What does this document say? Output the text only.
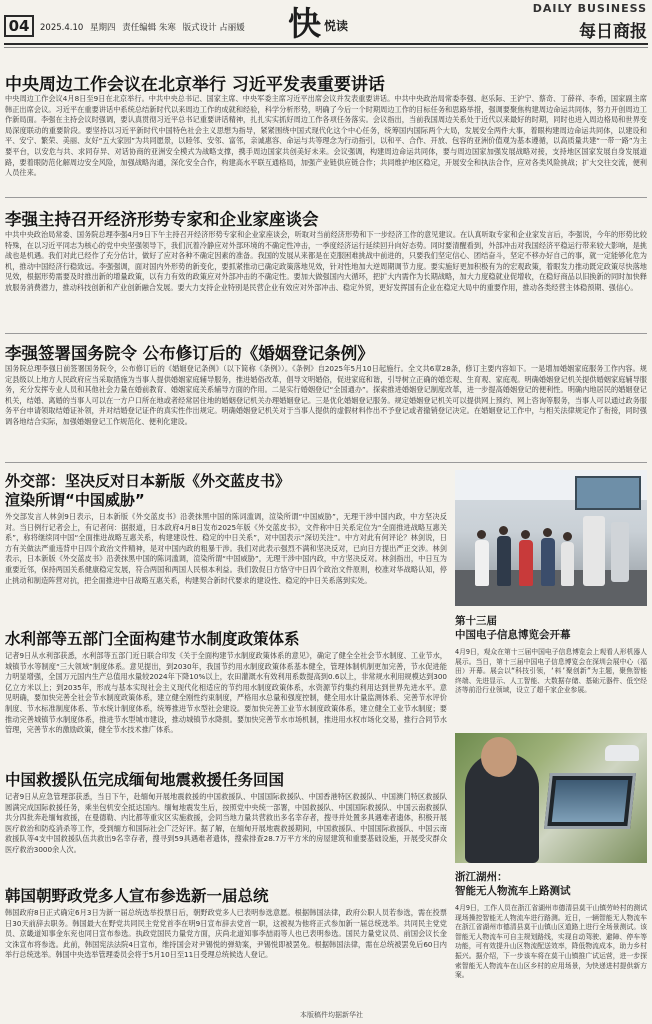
04	2025.4.10 星期四 责任编辑 朱寒 版式设计 占丽媛 快 悦读
DAILY BUSINESS
每日商报
中央周边工作会议在北京举行 习近平发表重要讲话
中央周边工作会议4月8日至9日在北京举行。中共中央总书记、国家主席、中央军委主席习近平出席会议并发表重要讲话。中共中央政治局常委李强、赵乐际、王沪宁、蔡奇、丁薛祥、李希，国家副主席韩正出席会议。习近平在重要讲话中系统总结新时代以来周边工作的成就和经验，科学分析形势，明确了今后一个时期周边工作的目标任务和思路举措，强调要聚焦构建周边命运共同体，努力开创周边工作新局面。李强在主持会议时强调，要认真贯彻习近平总书记重要讲话精神，扎扎实实抓好周边工作各项任务落实。会议指出，当前我国周边关系处于近代以来最好的时期，同时也进入周边格局和世界变局深度联动的重要阶段。要坚持以习近平新时代中国特色社会主义思想为指导，紧紧围绕中国式现代化这个中心任务，统筹国内国际两个大局，发展安全两件大事，着眼构建周边命运共同体，以建设和平、安宁、繁荣、美丽、友好“五大家园”为共同愿景，以睦邻、安邻、富邻，亲诚惠容、命运与共等理念为行动指引，以和平、合作、开放、包容的亚洲价值观为基本遵循，以高质量共建“一带一路”为主要平台，以安危与共、求同存异、对话协商的亚洲安全模式为战略支撑，携手周边国家共创美好未来。会议强调，构建周边命运共同体，要与周边国家加强发展战略对接，支持地区国家发展自身发展道路，要着眼防范化解周边安全风险，加强战略沟通，深化安全合作，构建高水平联互通格局，加强产业链供应链合作；共同维护地区稳定，开展安全和执法合作，应对各类风险挑战；扩大交往交流，便利人员往来。
李强主持召开经济形势专家和企业家座谈会
中共中央政治局常委、国务院总理李强4月9日下午主持召开经济形势专家和企业家座谈会，听取对当前经济形势和下一步经济工作的意见建议。在认真听取专家和企业家发言后，李强说，今年的形势比较特殊，在以习近平同志为核心的党中央坚强领导下，我们沉着冷静应对外部环境的不确定性冲击，一季度经济运行延续回升向好态势。同时要清醒看到，外部冲击对我国经济平稳运行带来较大影响，是挑战也是机遇。我们对此已经作了充分估计，做好了应对各种不确定因素的准备。我国的发展从来都是在克服困难挑战中前进的，只要我们坚定信心、团结奋斗，坚定不移办好自己的事，就一定能够化危为机，推动中国经济行稳致远。李强强调，面对国内外形势的新变化，要抓紧推动已确定政策落地见效，针对性地加大逆周期调节力度。要实施好更加积极有为的宏观政策，着眼发力推动既定政策尽快落地见效，根据形势需要及时推出新的增量政策，以有力有效的政策应对外部冲击的不确定性。要加大做强国内大循环，把扩大内需作为长期战略，加大力度稳就业促增收，在稳好商品以旧换新的同时加快释放服务消费潜力，推动科技创新和产业创新融合发展。要大力支持企业特别是民营企业有效应对外部冲击、稳定外贸，更好发挥国有企业在稳定大局中的重要作用，推动各类经营主体稳预期、强信心。
李强签署国务院令 公布修订后的《婚姻登记条例》
国务院总理李强日前签署国务院令，公布修订后的《婚姻登记条例》（以下简称《条例》）。《条例》自2025年5月10日起施行。全文共6章28条，修订主要内容如下。一是增加婚姻家庭服务工作内容。规定县级以上地方人民政府应当采取措施为当事人提供婚姻家庭辅导服务，推进婚俗改革，倡导文明婚俗，促进家庭和谐，引导树立正确的婚恋观、生育观、家庭观。明确婚姻登记机关提供婚姻家庭辅导服务，充分发挥专业人员和其他社会力量在婚前教育、婚姻家庭关系辅导方面的作用。二是实行婚姻登记“全国通办”。探索推进婚姻登记制度改革，进一步提高婚姻登记的便利性。明确内地居民的婚姻登记机关，结婚、离婚的当事人可以在一方户口所在地或者经常居住地的婚姻登记机关办理婚姻登记。三是优化婚姻登记服务。规定婚姻登记机关可以提供网上预约、网上咨询等服务，当事人可以通过政务服务平台申请领取结婚证补领，并对结婚登记证件的真实性作出规定。明确婚姻登记机关对于当事人提供的虚假材料作出不予登记或者撤销登记决定。在婚姻登记工作中，与相关法律规定作了衔接，同时强调各地结合实际，加强婚姻登记工作规范化、便利化建设。
外交部：坚决反对日本新版《外交蓝皮书》
渲染所谓“中国威胁”
外交部发言人林剑9日表示，日本新版《外交蓝皮书》沿袭抹黑中国的陈词滥调，渲染所谓“中国威胁”，无理干涉中国内政，中方坚决反对。当日例行记者会上，有记者问：据报道，日本政府4月8日发布2025年版《外交蓝皮书》，文件称中日关系定位为“全面推进战略互惠关系”，称将继续同中国“全面推进战略互惠关系，构建建设性、稳定的中日关系”，对中国表示“深切关注”。中方对此有何评论？林剑说，日方有关做法严重违背中日四个政治文件精神，是对中国内政的粗暴干涉。我们对此表示强烈不满和坚决反对，已向日方提出严正交涉。林剑表示，日本新版《外交蓝皮书》沿袭抹黑中国的陈词滥调，渲染所谓“中国威胁”，无理干涉中国内政，中方坚决反对。林剑指出，中日互为重要近邻，保持两国关系健康稳定发展，符合两国和两国人民根本利益。我们敦促日方恪守中日四个政治文件原则，校准对华战略认知，停止挑动和制造阵营对抗，把全面推进中日战略互惠关系，构建契合新时代要求的建设性、稳定的中日关系落到实处。
水利部等五部门全面构建节水制度政策体系
记者9日从水利部获悉，水利部等五部门近日联合印发《关于全面构建节水制度政策体系的意见》，确定了健全全社会节水制度、工业节水，城镇节水等制度“三大领域”制度体系。意见提出，到2030年，我国节约用水制度政策体系基本健全，管理体制机制更加完善，节水促进能力明显增强，全国万元国内生产总值用水量较2024年下降10%以上，农田灌溉水有效利用系数提高到0.6以上，非常规水利用规模达到300亿立方米以上；到2035年，形成与基本实现社会主义现代化相适应的节约用水制度政策体系，水资源节约集约利用达到世界先进水平。意见明确，要加快完善全社会节水制度政策体系，建立健全刚性约束制度，严格用水总量和强度控制，健全用水计量监测体系、完善节水评价制度、节水标准制度体系、节水统计制度体系，统筹推进节水型社会建设。要加快完善工业节水制度政策体系，建立健全工业节水制度；要推动完善城镇节水制度体系，推进节水型城市建设，推动城镇节水降损。要加快完善节水市场机制，推进用水权市场化交易，推行合同节水管理，完善节水的激励政策，健全节水技术推广体系。
中国救援队伍完成缅甸地震救援任务回国
记者9日从应急管理部获悉，当日下午，赴缅甸开展地震救援的中国救援队、中国国际救援队、中国香港特区救援队、中国澳门特区救援队圆满完成国际救援任务，乘坐包机安全抵达国内。缅甸地震发生后，按照党中央统一部署，中国救援队、中国国际救援队、中国云南救援队共分四批奔赴缅甸救援，在曼德勒、内比都等重灾区实施救援，会同当地力量共营救出多名幸存者，搜寻并处置多具遇难者遗体，积极开展医疗救治和防疫消杀等工作，受到缅方和国际社会广泛好评。据了解，在缅甸开展地震救援期间，中国救援队、中国国际救援队、中国云南救援队等4支中国救援队伍共救出9名幸存者，搜寻到59具遇难者遗体，搜索排查28.7万平方米的房屋建筑和重要基础设施，开展受灾群众医疗救治3000余人次。
韩国朝野政党多人宣布参选新一届总统
韩国政府8日正式确定6月3日为新一届总统选举投票日后，朝野政党多人已表明参选意愿。根据韩国法律，政府公职人员若参选，需在投票日30天前辞去职务。韩国最大在野党共同民主党党首李在明9日宣布辞去党首一职，这被视为他将正式参加新一届总统选举。共同民主党党员、京畿道知事金东兖也同日宣布参选。执政党国民力量党方面，庆尚北道知事李喆雨等人也已表明参选。国民力量党议员、前国会议长金文洙宣布将参选。此前，韩国宪法法院4日宣布，维持国会对尹锡悦的弹劾案，尹锡悦即被罢免。根据韩国法律，需在总统被罢免后60日内举行总统选举。韩国中央选举管理委员会将于5月10日至11日受理总统候选人登记。
第十三届
中国电子信息博览会开幕
4月9日，观众在第十三届中国电子信息博览会上观看人形机器人展示。当日，第十三届中国电子信息博览会在深圳会展中心（福田）开幕。展会以“科技引领，‘料’聚创新”为主题，聚焦智能终端、先进显示、人工智能、大数据存储、基础元器件、低空经济等前沿行业领域，设立了超千家企业参展。
浙江湖州：
智能无人物流车上路测试
4月9日，工作人员在浙江省湖州市德清县莫干山镇劳岭村的测试现场操控智能无人物流车进行路测。近日，一辆智能无人物流车在浙江省湖州市德清县莫干山镇山区道路上进行全场景测试。该智能无人物流车可自主规划路线，实现自动驾驶、避障、停车等功能，可有效提升山区物流配送效率，降低物流成本，助力乡村振兴。据介绍，下一步该车将在莫干山镇推广试运营，进一步探索智能无人物流车在山区乡村的应用场景，为快递进村提供新方案。
本版稿件均据新华社
